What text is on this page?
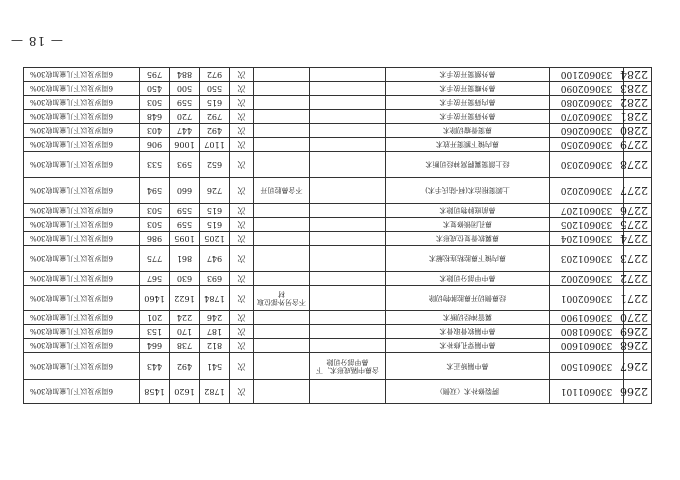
— 18 —
2266	330601101	腭裂修补术（双侧）			次	1782	1620	1458	6周岁及以下儿童加收30%
2267	330601500	鼻中隔矫正术	含鼻中隔成形术、下鼻甲部分切除		次	541	492	443	6周岁及以下儿童加收30%
2268	330601600	鼻中隔穿孔修补术			次	812	738	664	6周岁及以下儿童加收30%
2269	330601800	鼻中隔软骨取骨术			次	187	170	153	6周岁及以下儿童加收30%
2270	330601900	翼管神经切断术			次	246	224	201	6周岁及以下儿童加收30%
2271	330602001	经鼻侧切开鼻腔肿物切除		不含另外部位取材	次	1784	1622	1460	6周岁及以下儿童加收30%
2272	330602002	鼻中甲部分切除术			次	693	630	567	6周岁及以下儿童加收30%
2273	330601203	鼻内镜下鼻腔粘连松解术			次	947	861	775	6周岁及以下儿童加收30%
2274	330601204	鼻翼软骨复位成形术			次	1205	1095	986	6周岁及以下儿童加收30%
2275	330601205	鼻孔闭锁修复术			次	615	559	503	6周岁及以下儿童加收30%
2276	330601207	鼻前庭肿物切除术			次	615	559	503	6周岁及以下儿童加收30%
2277	330602020	上颌窦根治术(柯-陆氏手术)		不含鼻腔切开	次	726	660	594	6周岁及以下儿童加收30%
2278	330602030	经上颌窦翼腭窝神经切断术			次	652	593	533	6周岁及以下儿童加收30%
2279	330602050	鼻内镜下额窦开放术			次	1107	1006	906	6周岁及以下儿童加收30%
2280	330602060	鼻窦骨瘤切除术			次	492	447	403	6周岁及以下儿童加收30%
2281	330602070	鼻外筛窦开放手术			次	792	720	648	6周岁及以下儿童加收30%
2282	330602080	鼻内筛窦开放手术			次	615	559	503	6周岁及以下儿童加收30%
2283	330602090	鼻外蝶窦开放手术			次	550	500	450	6周岁及以下儿童加收30%
2284	330602100	鼻外额窦开放手术			次	972	884	795	6周岁及以下儿童加收30%
